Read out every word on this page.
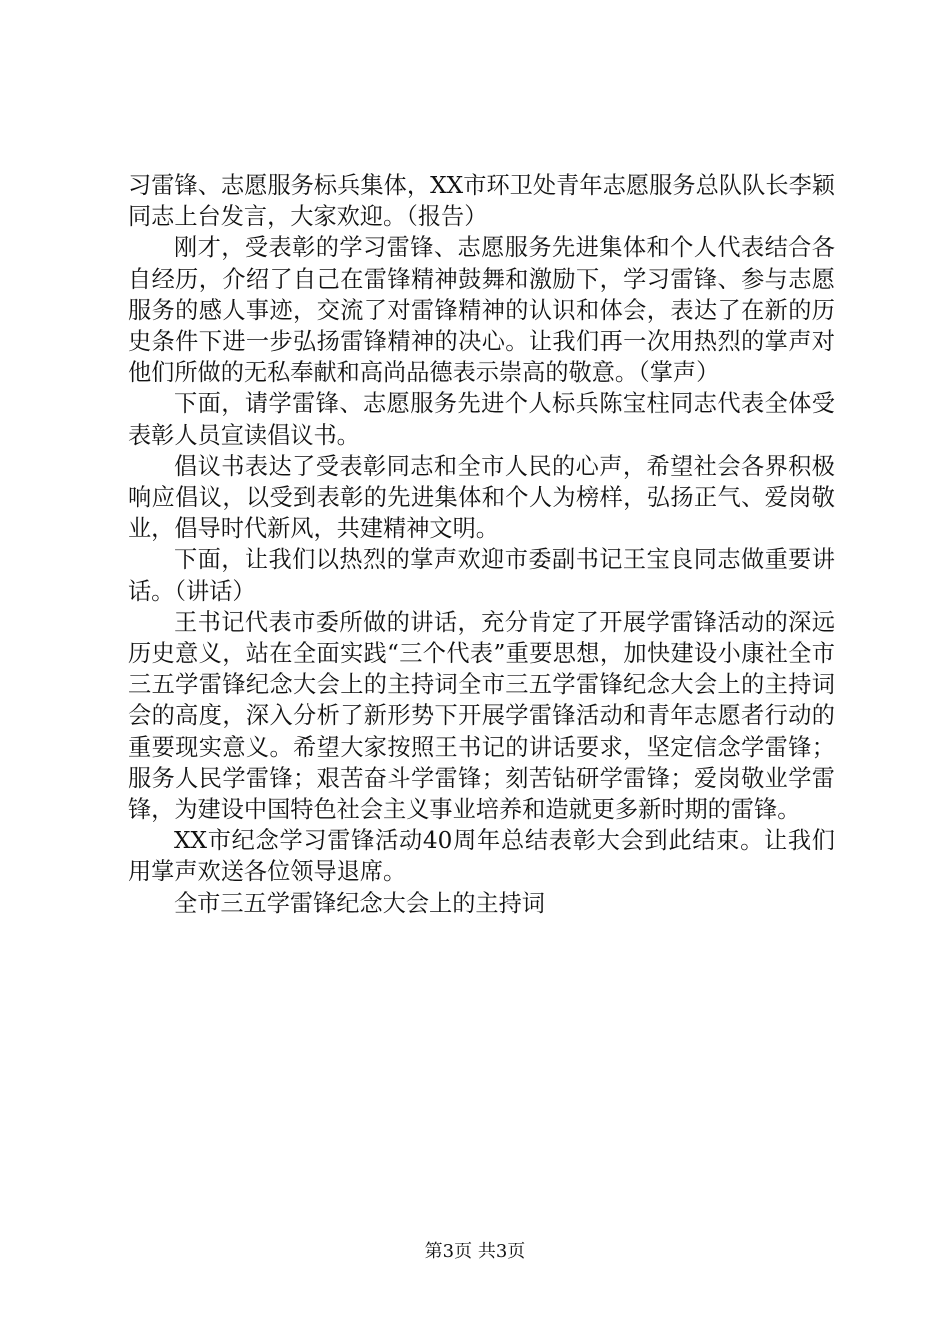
习雷锋、志愿服务标兵集体，XX市环卫处青年志愿服务总队队长李颖同志上台发言，大家欢迎。（报告）

刚才，受表彰的学习雷锋、志愿服务先进集体和个人代表结合各自经历，介绍了自己在雷锋精神鼓舞和激励下，学习雷锋、参与志愿服务的感人事迹，交流了对雷锋精神的认识和体会，表达了在新的历史条件下进一步弘扬雷锋精神的决心。让我们再一次用热烈的掌声对他们所做的无私奉献和高尚品德表示崇高的敬意。（掌声）

下面，请学雷锋、志愿服务先进个人标兵陈宝柱同志代表全体受表彰人员宣读倡议书。

倡议书表达了受表彰同志和全市人民的心声，希望社会各界积极响应倡议，以受到表彰的先进集体和个人为榜样，弘扬正气、爱岗敬业，倡导时代新风，共建精神文明。

下面，让我们以热烈的掌声欢迎市委副书记王宝良同志做重要讲话。（讲话）

王书记代表市委所做的讲话，充分肯定了开展学雷锋活动的深远历史意义，站在全面实践“三个代表”重要思想，加快建设小康社全市三五学雷锋纪念大会上的主持词全市三五学雷锋纪念大会上的主持词会的高度，深入分析了新形势下开展学雷锋活动和青年志愿者行动的重要现实意义。希望大家按照王书记的讲话要求，坚定信念学雷锋；服务人民学雷锋；艰苦奋斗学雷锋；刻苦钻研学雷锋；爱岗敬业学雷锋，为建设中国特色社会主义事业培养和造就更多新时期的雷锋。

XX市纪念学习雷锋活动40周年总结表彰大会到此结束。让我们用掌声欢送各位领导退席。

全市三五学雷锋纪念大会上的主持词

第3页 共3页
